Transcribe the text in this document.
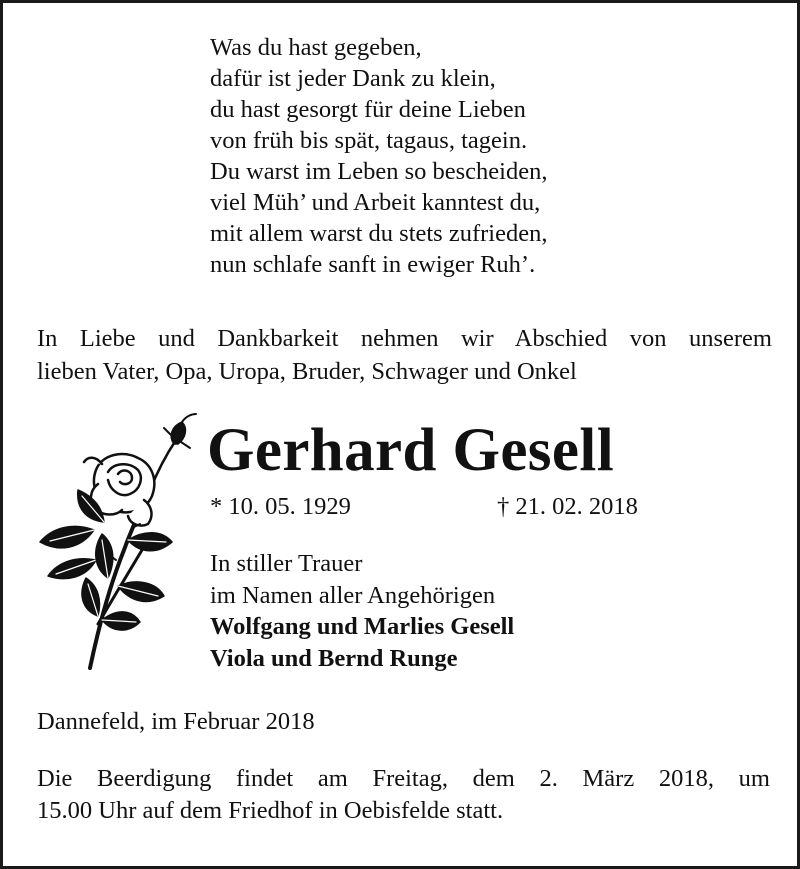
Was du hast gegeben,
dafür ist jeder Dank zu klein,
du hast gesorgt für deine Lieben
von früh bis spät, tagaus, tagein.
Du warst im Leben so bescheiden,
viel Müh’ und Arbeit kanntest du,
mit allem warst du stets zufrieden,
nun schlafe sanft in ewiger Ruh’.
In Liebe und Dankbarkeit nehmen wir Abschied von unserem
lieben Vater, Opa, Uropa, Bruder, Schwager und Onkel
Gerhard Gesell
* 10. 05. 1929	† 21. 02. 2018
In stiller Trauer
im Namen aller Angehörigen
Wolfgang und Marlies Gesell
Viola und Bernd Runge
Dannefeld, im Februar 2018
Die Beerdigung findet am Freitag, dem 2. März 2018, um
15.00 Uhr auf dem Friedhof in Oebisfelde statt.
